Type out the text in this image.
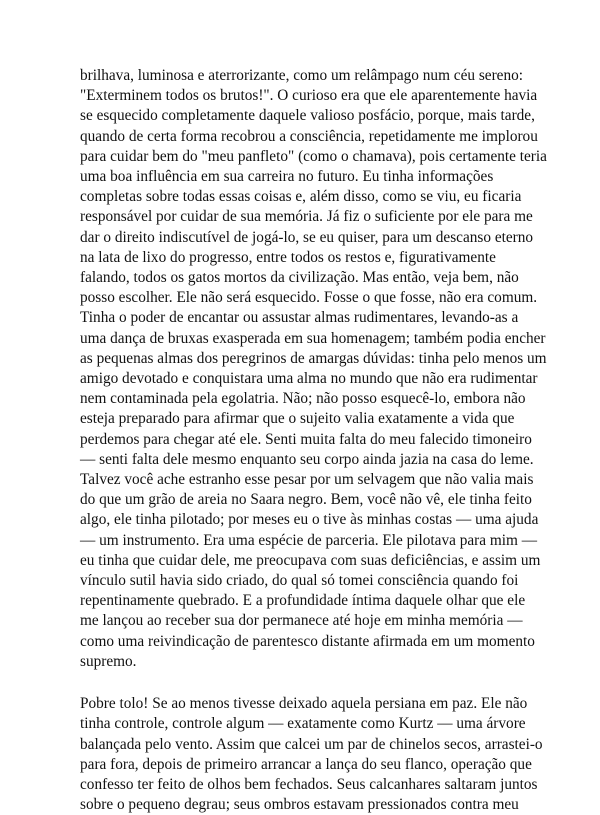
brilhava, luminosa e aterrorizante, como um relâmpago num céu sereno:
"Exterminem todos os brutos!". O curioso era que ele aparentemente havia
se esquecido completamente daquele valioso posfácio, porque, mais tarde,
quando de certa forma recobrou a consciência, repetidamente me implorou
para cuidar bem do "meu panfleto" (como o chamava), pois certamente teria
uma boa influência em sua carreira no futuro. Eu tinha informações
completas sobre todas essas coisas e, além disso, como se viu, eu ficaria
responsável por cuidar de sua memória. Já fiz o suficiente por ele para me
dar o direito indiscutível de jogá-lo, se eu quiser, para um descanso eterno
na lata de lixo do progresso, entre todos os restos e, figurativamente
falando, todos os gatos mortos da civilização. Mas então, veja bem, não
posso escolher. Ele não será esquecido. Fosse o que fosse, não era comum.
Tinha o poder de encantar ou assustar almas rudimentares, levando-as a
uma dança de bruxas exasperada em sua homenagem; também podia encher
as pequenas almas dos peregrinos de amargas dúvidas: tinha pelo menos um
amigo devotado e conquistara uma alma no mundo que não era rudimentar
nem contaminada pela egolatria. Não; não posso esquecê-lo, embora não
esteja preparado para afirmar que o sujeito valia exatamente a vida que
perdemos para chegar até ele. Senti muita falta do meu falecido timoneiro
— senti falta dele mesmo enquanto seu corpo ainda jazia na casa do leme.
Talvez você ache estranho esse pesar por um selvagem que não valia mais
do que um grão de areia no Saara negro. Bem, você não vê, ele tinha feito
algo, ele tinha pilotado; por meses eu o tive às minhas costas — uma ajuda
— um instrumento. Era uma espécie de parceria. Ele pilotava para mim —
eu tinha que cuidar dele, me preocupava com suas deficiências, e assim um
vínculo sutil havia sido criado, do qual só tomei consciência quando foi
repentinamente quebrado. E a profundidade íntima daquele olhar que ele
me lançou ao receber sua dor permanece até hoje em minha memória —
como uma reivindicação de parentesco distante afirmada em um momento
supremo.
Pobre tolo! Se ao menos tivesse deixado aquela persiana em paz. Ele não
tinha controle, controle algum — exatamente como Kurtz — uma árvore
balançada pelo vento. Assim que calcei um par de chinelos secos, arrastei-o
para fora, depois de primeiro arrancar a lança do seu flanco, operação que
confesso ter feito de olhos bem fechados. Seus calcanhares saltaram juntos
sobre o pequeno degrau; seus ombros estavam pressionados contra meu
